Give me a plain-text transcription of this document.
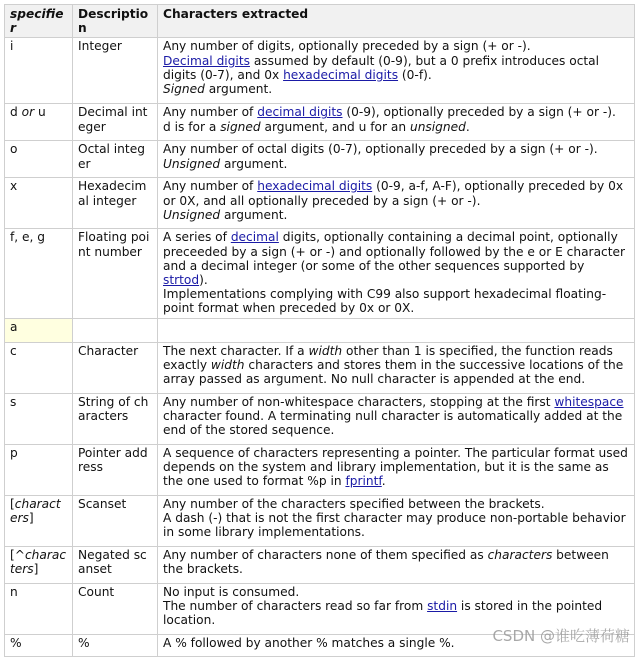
specifier	Description	Characters extracted
i	Integer	Any number of digits, optionally preceded by a sign (+ or -).
Decimal digits assumed by default (0-9), but a 0 prefix introduces octal digits (0-7), and 0x hexadecimal digits (0-f).
Signed argument.

d or u	Decimal integer	Any number of decimal digits (0-9), optionally preceded by a sign (+ or -).
d is for a signed argument, and u for an unsigned.

o	Octal integer	Any number of octal digits (0-7), optionally preceded by a sign (+ or -).
Unsigned argument.

x	Hexadecimal integer	Any number of hexadecimal digits (0-9, a-f, A-F), optionally preceded by 0x or 0X, and all optionally preceded by a sign (+ or -).
Unsigned argument.

f, e, g	Floating point number	A series of decimal digits, optionally containing a decimal point, optionally preceeded by a sign (+ or -) and optionally followed by the e or E character and a decimal integer (or some of the other sequences supported by strtod).
Implementations complying with C99 also support hexadecimal floating-point format when preceded by 0x or 0X.

a		
c	Character	The next character. If a width other than 1 is specified, the function reads exactly width characters and stores them in the successive locations of the array passed as argument. No null character is appended at the end.
s	String of characters	Any number of non-whitespace characters, stopping at the first whitespace character found. A terminating null character is automatically added at the end of the stored sequence.
p	Pointer address	A sequence of characters representing a pointer. The particular format used depends on the system and library implementation, but it is the same as the one used to format %p in fprintf.
[characters]	Scanset	Any number of the characters specified between the brackets.
A dash (-) that is not the first character may produce non-portable behavior in some library implementations.

[^characters]	Negated scanset	Any number of characters none of them specified as characters between the brackets.
n	Count	No input is consumed.
The number of characters read so far from stdin is stored in the pointed location.

%	%	A % followed by another % matches a single %.	CSDN @谁吃薄荷糖
